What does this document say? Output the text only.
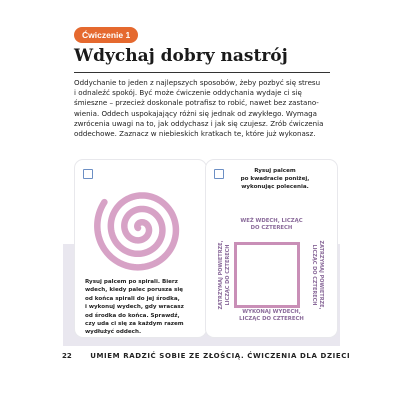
Ćwiczenie 1
Wdychaj dobry nastrój
Oddychanie to jeden z najlepszych sposobów, żeby pozbyć się stresu
i odnaleźć spokój. Być może ćwiczenie oddychania wydaje ci się
śmieszne – przecież doskonale potrafisz to robić, nawet bez zastano-
wienia. Oddech uspokajający różni się jednak od zwykłego. Wymaga
zwrócenia uwagi na to, jak oddychasz i jak się czujesz. Zrób ćwiczenia
oddechowe. Zaznacz w niebieskich kratkach te, które już wykonasz.
Rysuj palcem po spirali. Bierz
wdech, kiedy palec porusza się
od końca spirali do jej środka,
i wykonuj wydech, gdy wracasz
od środka do końca. Sprawdź,
czy uda ci się za każdym razem
wydłużyć oddech.
Rysuj palcem
po kwadracie poniżej,
wykonując polecenia.
WEŹ WDECH, LICZĄC
DO CZTERECH
ZATRZYMAJ POWIETRZE, LICZĄC DO CZTERECH	ZATRZYMAJ POWIETRZE,
LICZĄC DO CZTERECH
WYKONAJ WYDECH,
LICZĄC DO CZTERECH
22	UMIEM RADZIĆ SOBIE ZE ZŁOŚCIĄ. ĆWICZENIA DLA DZIECI
